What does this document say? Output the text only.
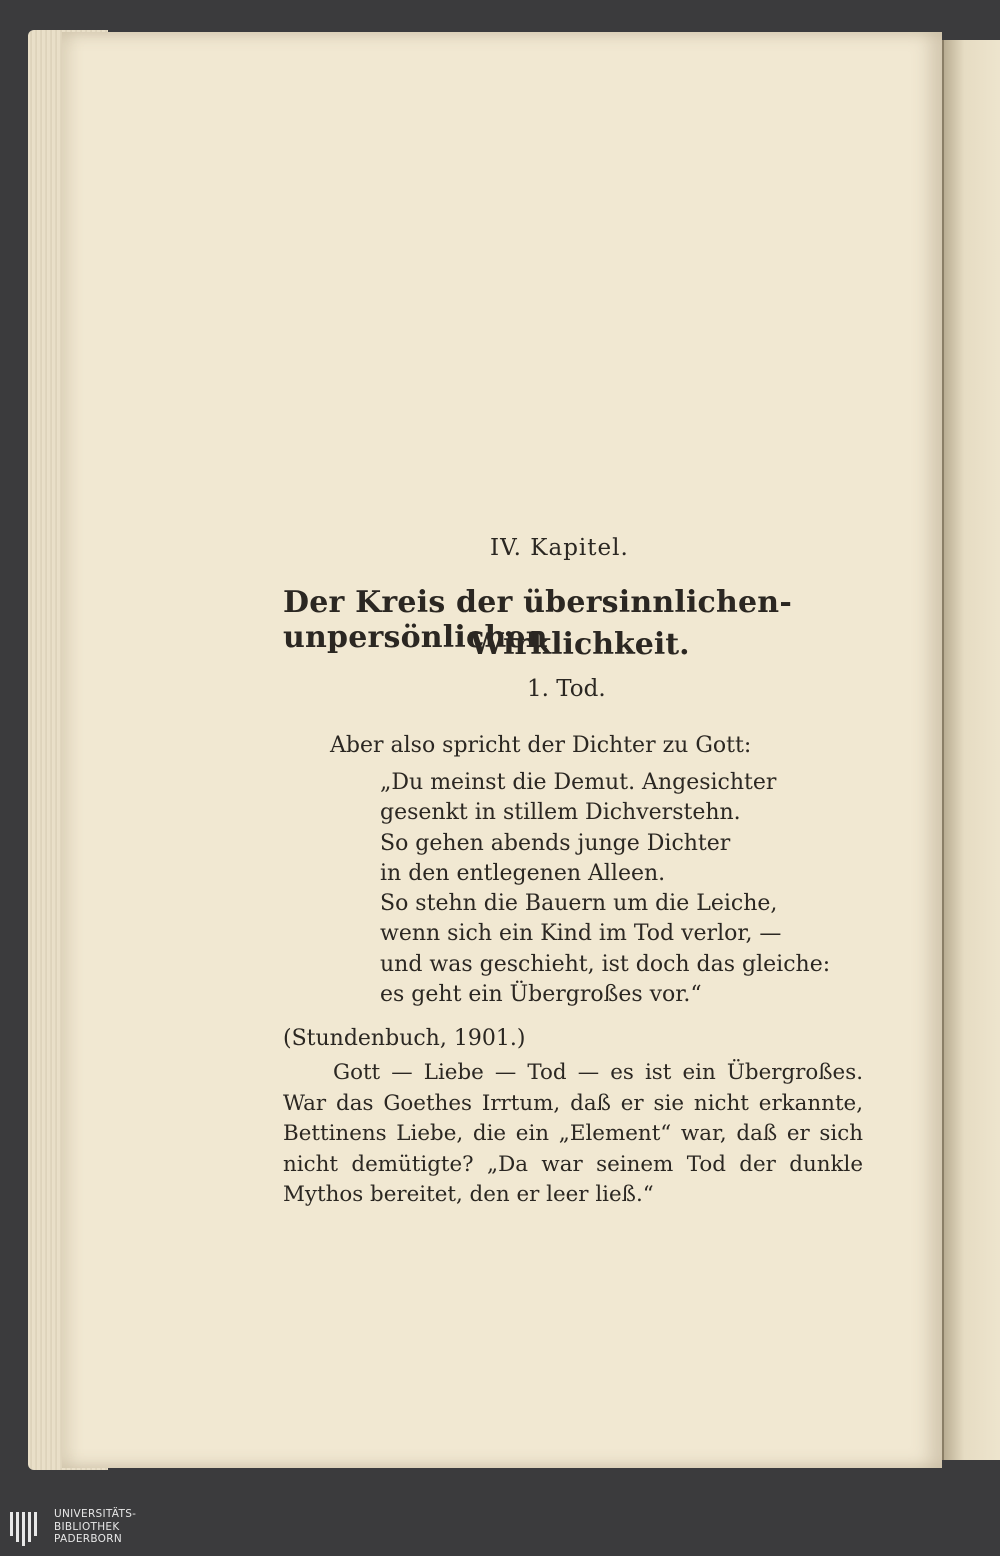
IV. Kapitel.
Der Kreis der übersinnlichen-unpersönlichen
Wirklichkeit.
1. Tod.
Aber also spricht der Dichter zu Gott:
„Du meinst die Demut. Angesichter
gesenkt in stillem Dichverstehn.
So gehen abends junge Dichter
in den entlegenen Alleen.
So stehn die Bauern um die Leiche,
wenn sich ein Kind im Tod verlor, —
und was geschieht, ist doch das gleiche:
es geht ein Übergroßes vor.“
(Stundenbuch, 1901.)
Gott — Liebe — Tod — es ist ein Übergroßes.
War das Goethes Irrtum, daß er sie nicht erkannte,
Bettinens Liebe, die ein „Element“ war, daß er sich
nicht demütigte? „Da war seinem Tod der dunkle
Mythos bereitet, den er leer ließ.“
UNIVERSITÄTS-
BIBLIOTHEK
PADERBORN
